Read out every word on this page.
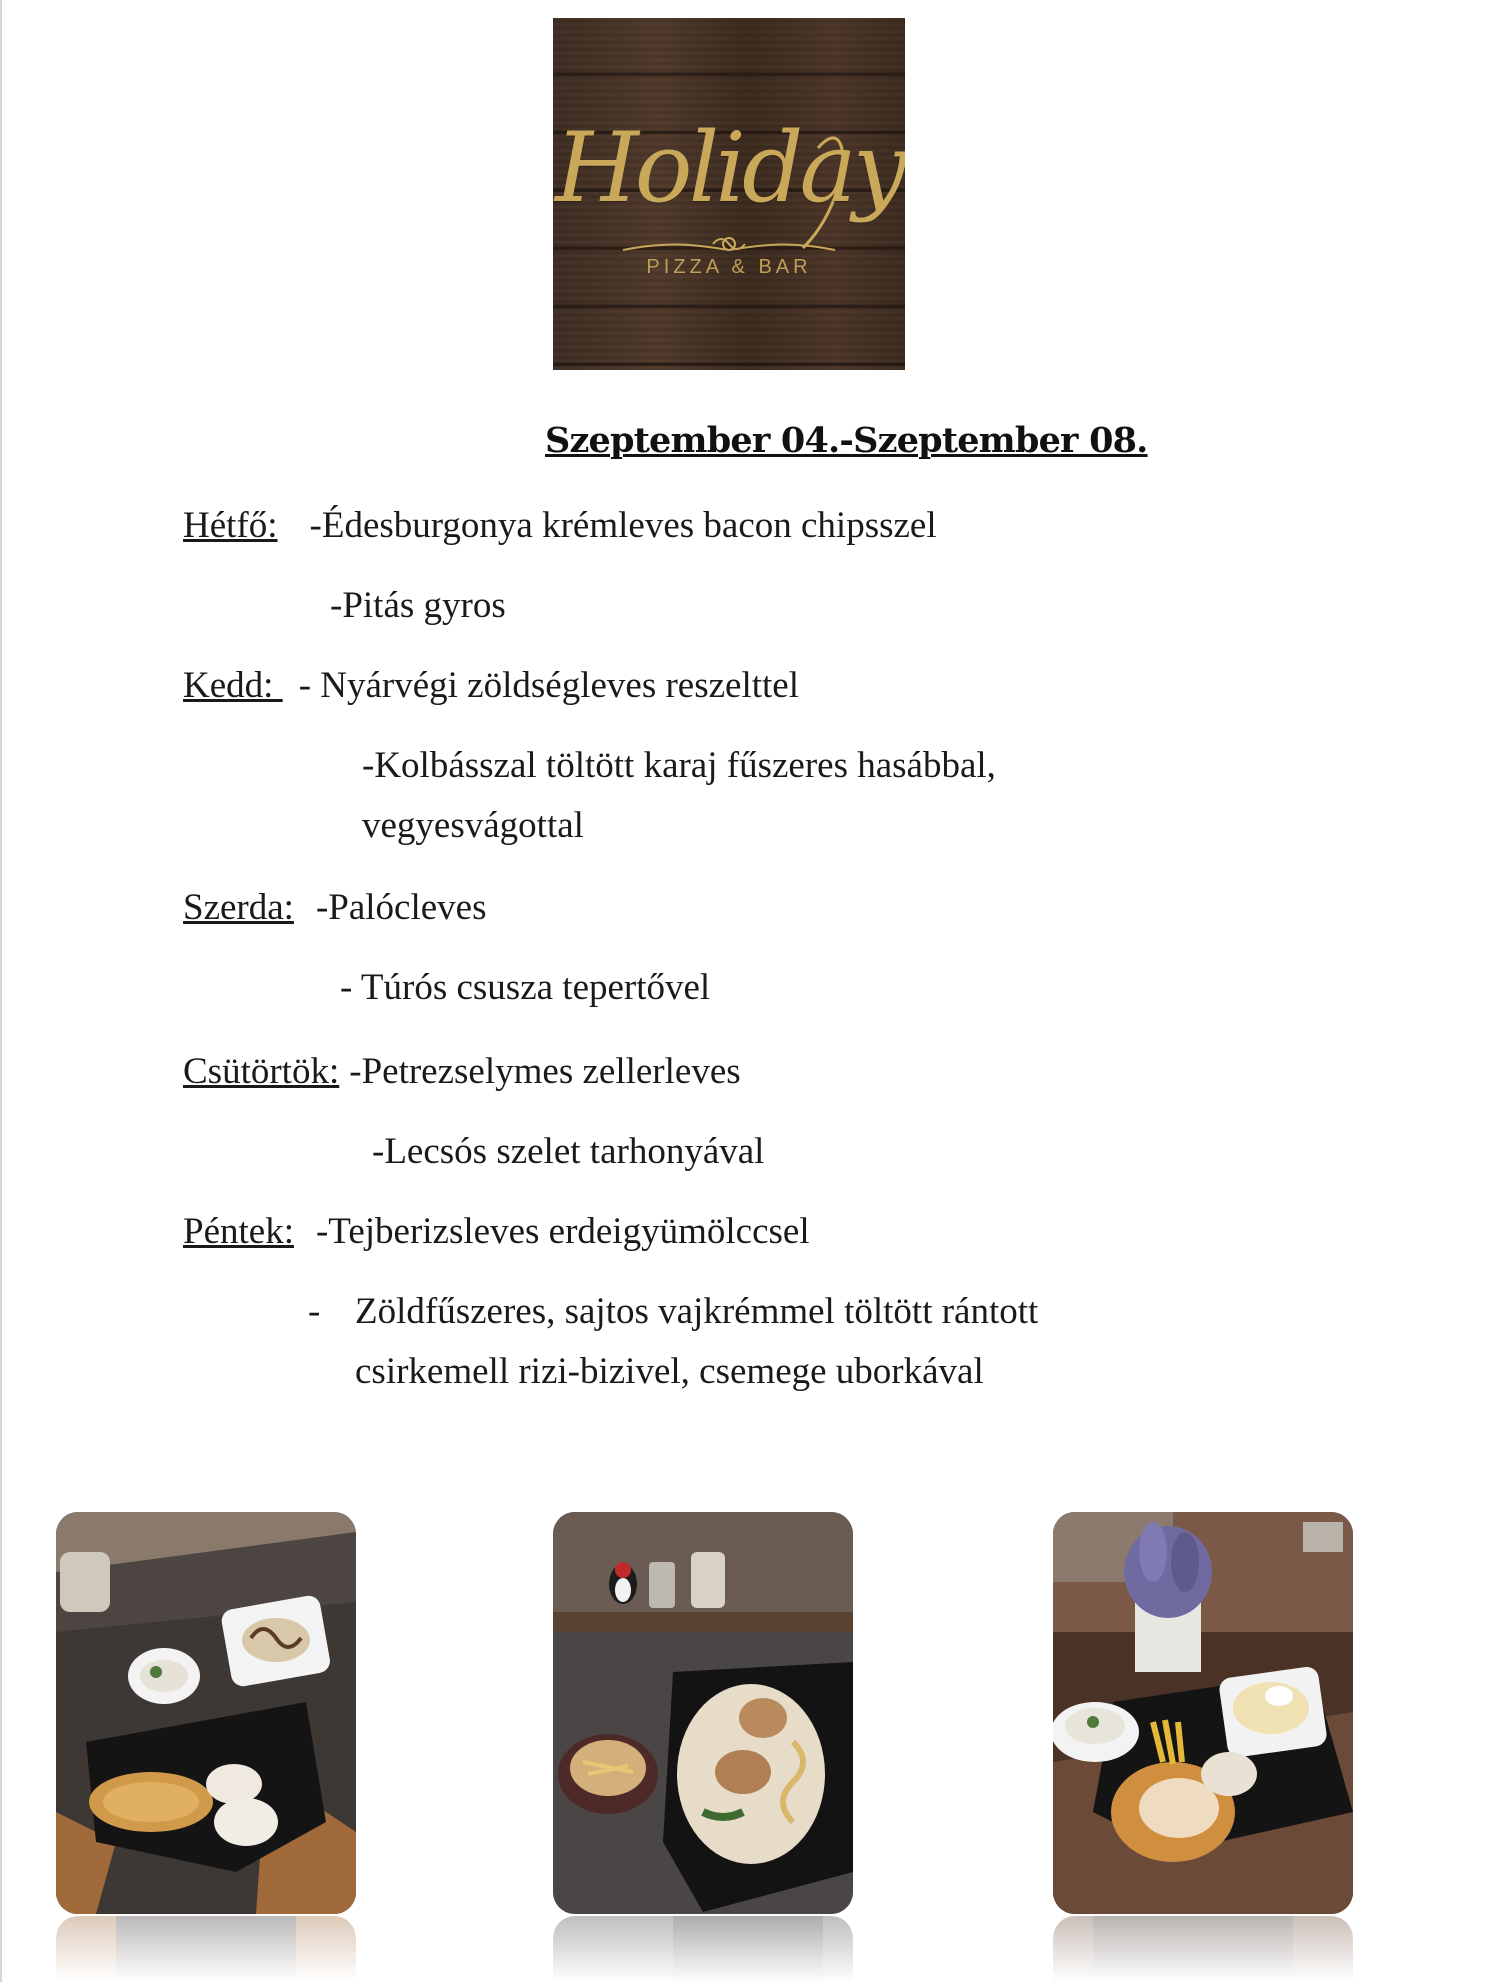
Holiday
PIZZA & BAR
Szeptember 04.-Szeptember 08.
Hétfő: -Édesburgonya krémleves bacon chipsszel
-Pitás gyros
Kedd: - Nyárvégi zöldségleves reszelttel
-Kolbásszal töltött karaj fűszeres hasábbal, vegyesvágottal
Szerda: -Palócleves
- Túrós csusza tepertővel
Csütörtök: -Petrezselymes zellerleves
-Lecsós szelet tarhonyával
Péntek: -Tejberizsleves erdeigyümölccsel
- Zöldfűszeres, sajtos vajkrémmel töltött rántott csirkemell rizi-bizivel, csemege uborkával
